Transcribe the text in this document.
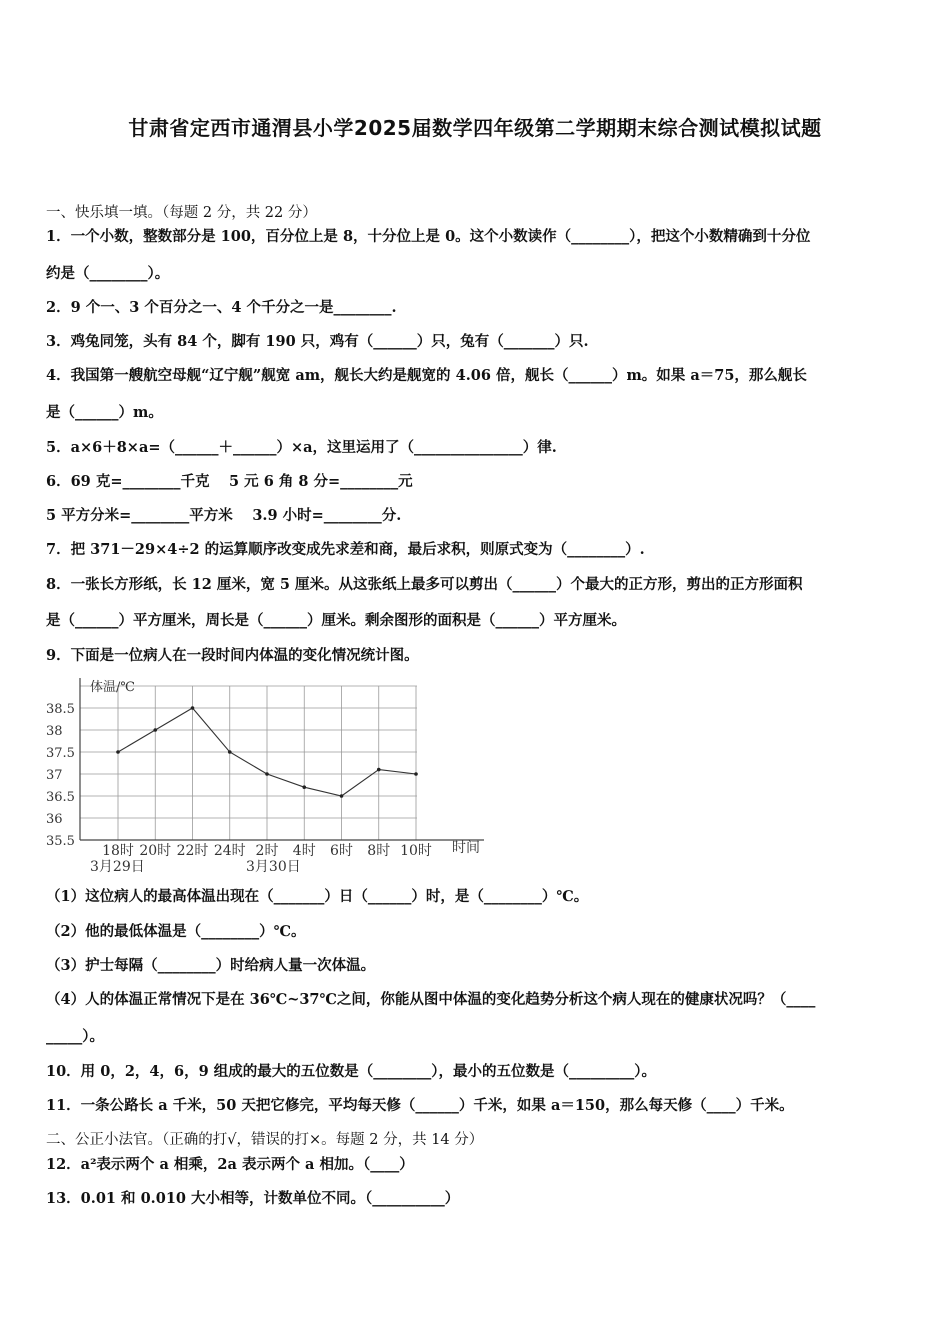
甘肃省定西市通渭县小学2025届数学四年级第二学期期末综合测试模拟试题
一、快乐填一填。（每题 2 分，共 22 分）
1．一个小数，整数部分是 100，百分位上是 8，十分位上是 0。这个小数读作（________），把这个小数精确到十分位
约是（________）。
2．9 个一、3 个百分之一、4 个千分之一是________.
3．鸡兔同笼，头有 84 个，脚有 190 只，鸡有（______）只，兔有（_______）只.
4．我国第一艘航空母舰“辽宁舰”舰宽 am，舰长大约是舰宽的 4.06 倍，舰长（______）m。如果 a＝75，那么舰长
是（______）m。
5．a×6＋8×a=（______＋______）×a，这里运用了（_______________）律.
6．69 克=________千克　 5 元 6 角 8 分=________元
5 平方分米=________平方米　 3.9 小时=________分.
7．把 371－29×4÷2 的运算顺序改变成先求差和商，最后求积，则原式变为（________）.
8．一张长方形纸，长 12 厘米，宽 5 厘米。从这张纸上最多可以剪出（______）个最大的正方形，剪出的正方形面积
是（______）平方厘米，周长是（______）厘米。剩余图形的面积是（______）平方厘米。
9．下面是一位病人在一段时间内体温的变化情况统计图。
38.5
38
37.5
37
36.5
36
35.5
18时 20时 22时 24时 2时 4时 6时 8时 10时
体温/℃
时间
3月29日	3月30日
（1）这位病人的最高体温出现在（_______）日（______）时，是（________）℃。
（2）他的最低体温是（________）℃。
（3）护士每隔（________）时给病人量一次体温。
（4）人的体温正常情况下是在 36℃~37℃之间，你能从图中体温的变化趋势分析这个病人现在的健康状况吗？（____
_____）。
10．用 0，2，4，6，9 组成的最大的五位数是（________），最小的五位数是（_________）。
11．一条公路长 a 千米，50 天把它修完，平均每天修（______）千米，如果 a＝150，那么每天修（____）千米。
二、公正小法官。（正确的打√，错误的打×。每题 2 分，共 14 分）
12．a²表示两个 a 相乘，2a 表示两个 a 相加。（____）
13．0.01 和 0.010 大小相等，计数单位不同。（__________）
